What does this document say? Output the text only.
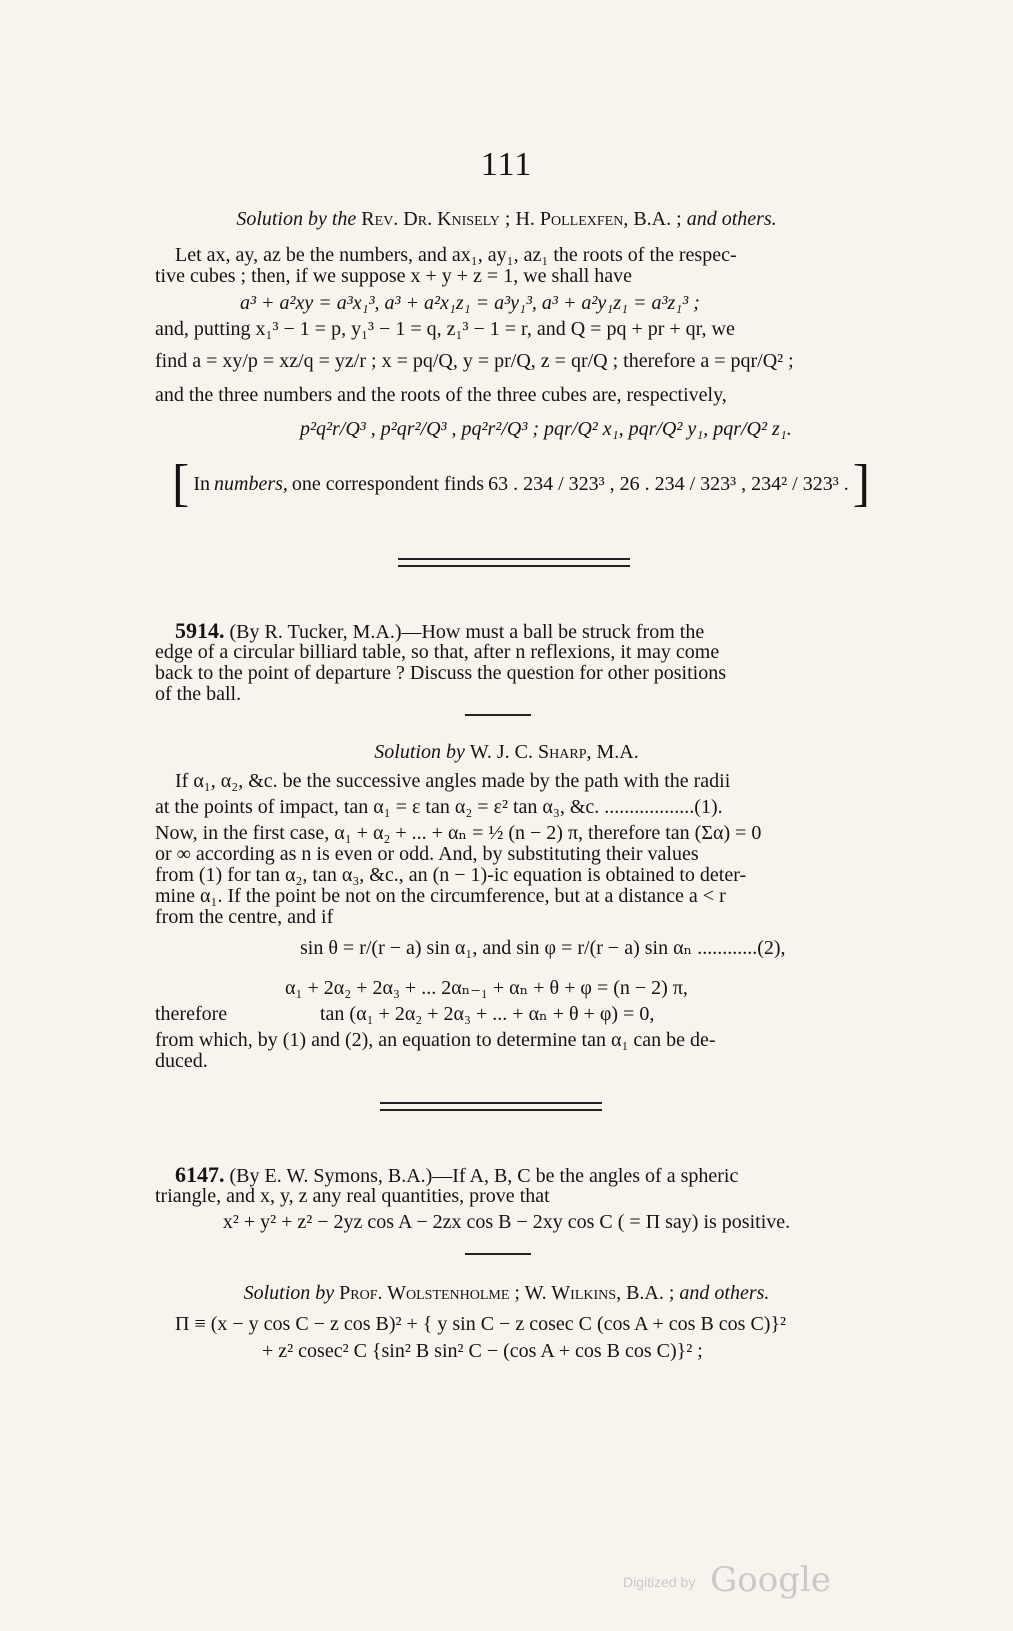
111
Solution by the Rev. Dr. Knisely ; H. Pollexfen, B.A. ; and others.
Let ax, ay, az be the numbers, and ax₁, ay₁, az₁ the roots of the respec-
tive cubes ; then, if we suppose x + y + z = 1, we shall have
a³ + a²xy = a³x₁³, a³ + a²x₁z₁ = a³y₁³, a³ + a²y₁z₁ = a³z₁³ ;
and, putting x₁³ − 1 = p, y₁³ − 1 = q, z₁³ − 1 = r, and Q = pq + pr + qr, we
find a = xy/p = xz/q = yz/r ; x = pq/Q, y = pr/Q, z = qr/Q ; therefore a = pqr/Q² ;
and the three numbers and the roots of the three cubes are, respectively,
p²q²r/Q³ , p²qr²/Q³ , pq²r²/Q³ ; pqr/Q² x₁, pqr/Q² y₁, pqr/Q² z₁.
[ In numbers, one correspondent finds 63 . 234 / 323³ , 26 . 234 / 323³ , 234² / 323³ . ]
5914. (By R. Tucker, M.A.)—How must a ball be struck from the
edge of a circular billiard table, so that, after n reflexions, it may come
back to the point of departure ? Discuss the question for other positions
of the ball.
Solution by W. J. C. Sharp, M.A.
If α₁, α₂, &c. be the successive angles made by the path with the radii
at the points of impact, tan α₁ = ε tan α₂ = ε² tan α₃, &c. ..................(1).
Now, in the first case, α₁ + α₂ + ... + αₙ = ½ (n − 2) π, therefore tan (Σα) = 0
or ∞ according as n is even or odd. And, by substituting their values
from (1) for tan α₂, tan α₃, &c., an (n − 1)-ic equation is obtained to deter-
mine α₁. If the point be not on the circumference, but at a distance a < r
from the centre, and if
sin θ = r/(r − a) sin α₁, and sin φ = r/(r − a) sin αₙ ............(2),
α₁ + 2α₂ + 2α₃ + ... 2αₙ₋₁ + αₙ + θ + φ = (n − 2) π,
therefore	tan (α₁ + 2α₂ + 2α₃ + ... + αₙ + θ + φ) = 0,
from which, by (1) and (2), an equation to determine tan α₁ can be de-
duced.
6147. (By E. W. Symons, B.A.)—If A, B, C be the angles of a spheric
triangle, and x, y, z any real quantities, prove that
x² + y² + z² − 2yz cos A − 2zx cos B − 2xy cos C ( = Π say) is positive.
Solution by Prof. Wolstenholme ; W. Wilkins, B.A. ; and others.
Π ≡ (x − y cos C − z cos B)² + { y sin C − z cosec C (cos A + cos B cos C)}²
+ z² cosec² C {sin² B sin² C − (cos A + cos B cos C)}² ;
Digitized by Google
